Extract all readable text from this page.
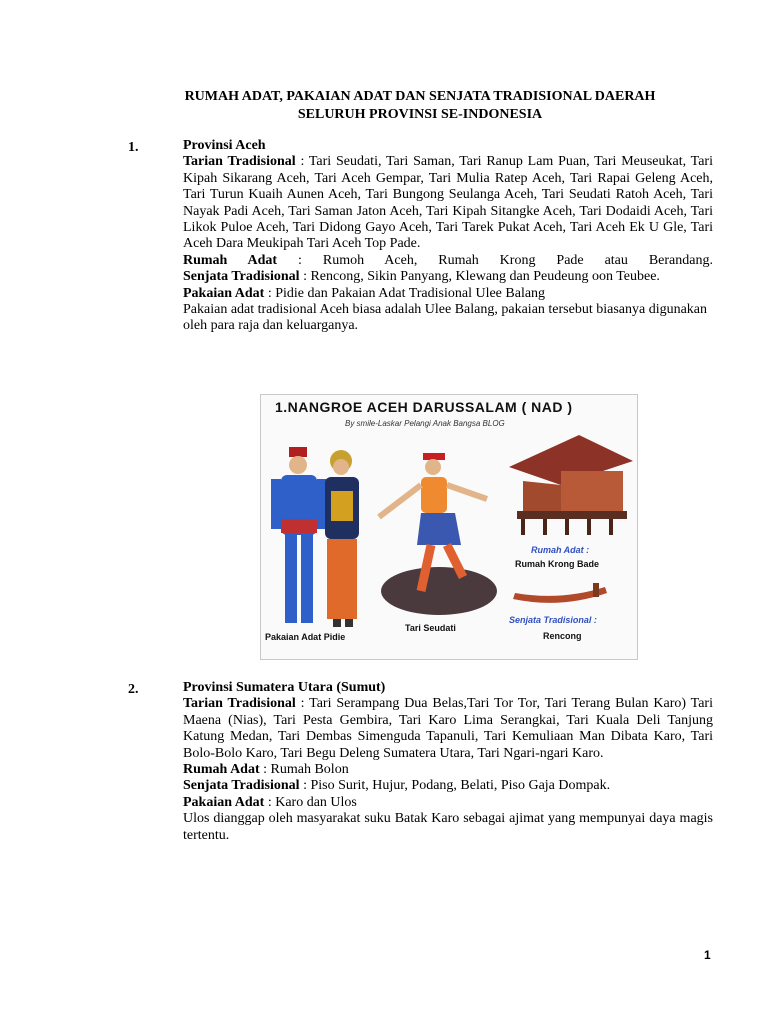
RUMAH ADAT, PAKAIAN ADAT DAN SENJATA TRADISIONAL DAERAH
SELURUH PROVINSI SE-INDONESIA
1.	Provinsi Aceh

Tarian Tradisional : Tari Seudati, Tari Saman, Tari Ranup Lam Puan, Tari Meuseukat, Tari Kipah Sikarang Aceh, Tari Aceh Gempar, Tari Mulia Ratep Aceh, Tari Rapai Geleng Aceh, Tari Turun Kuaih Aunen Aceh, Tari Bungong Seulanga Aceh, Tari Seudati Ratoh Aceh, Tari Nayak Padi Aceh, Tari Saman Jaton Aceh, Tari Kipah Sitangke Aceh, Tari Dodaidi Aceh, Tari Likok Puloe Aceh, Tari Didong Gayo Aceh, Tari Tarek Pukat Aceh, Tari Aceh Ek U Gle, Tari Aceh Dara Meukipah Tari Aceh Top Pade.

Rumah Adat : Rumoh Aceh, Rumah Krong Pade atau Berandang.

Senjata Tradisional : Rencong, Sikin Panyang, Klewang dan Peudeung oon Teubee.

Pakaian Adat : Pidie dan Pakaian Adat Tradisional Ulee Balang

Pakaian adat tradisional Aceh biasa adalah Ulee Balang, pakaian tersebut biasanya digunakan oleh para raja dan keluarganya.

1.NANGROE ACEH DARUSSALAM ( NAD )
By smile-Laskar Pelangi Anak Bangsa BLOG
Rumah Adat :
Rumah Krong Bade
Senjata Tradisional :
Rencong
Tari Seudati
Pakaian Adat Pidie
2.	Provinsi Sumatera Utara (Sumut)

Tarian Tradisional : Tari Serampang Dua Belas,Tari Tor Tor, Tari Terang Bulan Karo) Tari Maena (Nias), Tari Pesta Gembira, Tari Karo Lima Serangkai, Tari Kuala Deli Tanjung Katung Medan, Tari Dembas Simenguda Tapanuli, Tari Kemuliaan Man Dibata Karo, Tari Bolo-Bolo Karo, Tari Begu Deleng Sumatera Utara, Tari Ngari-ngari Karo.

Rumah Adat : Rumah Bolon

Senjata Tradisional : Piso Surit, Hujur, Podang, Belati, Piso Gaja Dompak.

Pakaian Adat : Karo dan Ulos

Ulos dianggap oleh masyarakat suku Batak Karo sebagai ajimat yang mempunyai daya magis tertentu.

1
